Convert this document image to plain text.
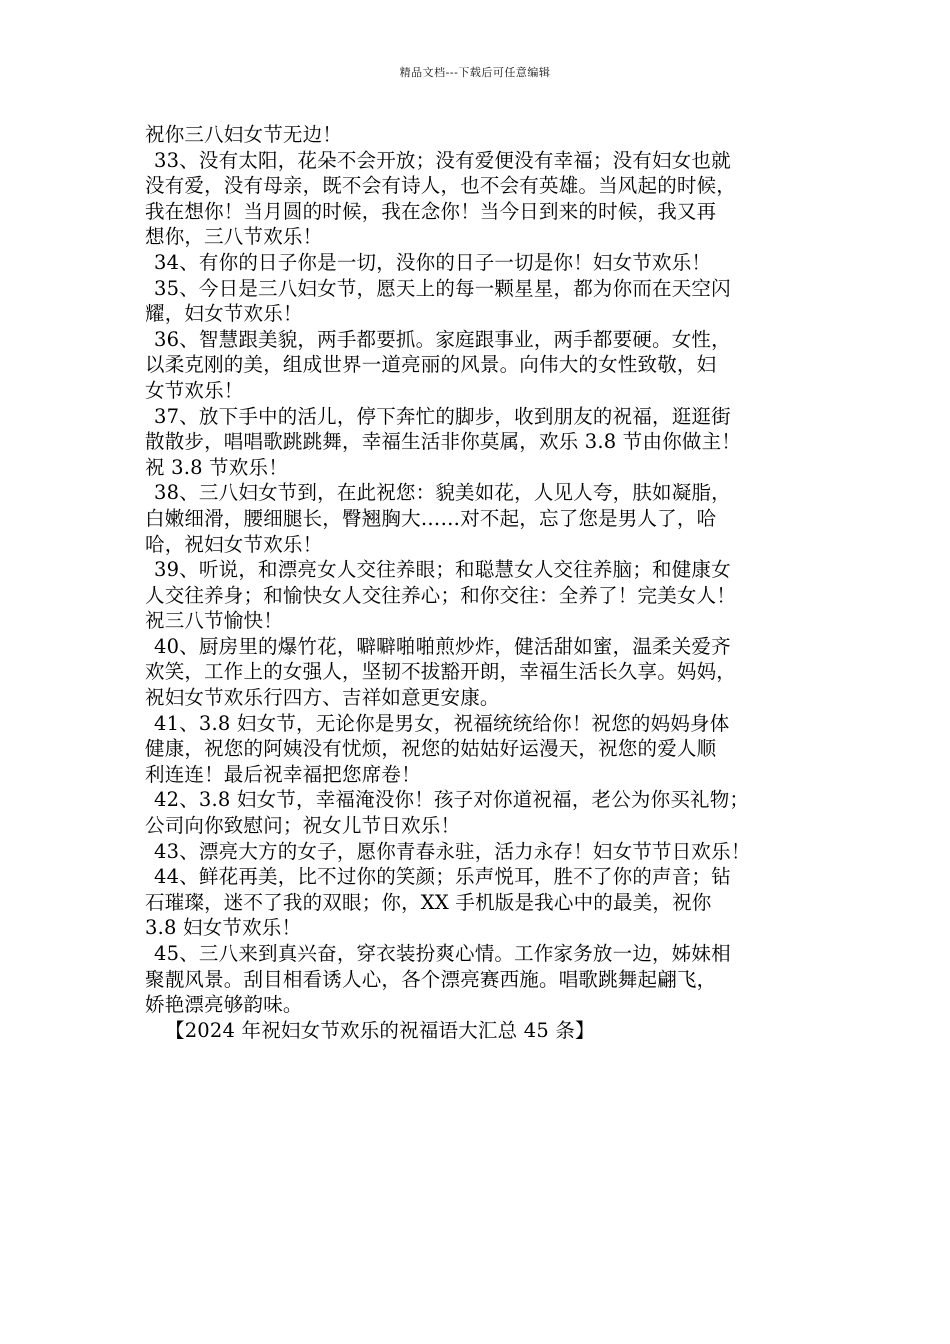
精品文档---下载后可任意编辑
祝你三八妇女节无边！
33、没有太阳，花朵不会开放；没有爱便没有幸福；没有妇女也就
没有爱，没有母亲，既不会有诗人，也不会有英雄。当风起的时候，
我在想你！当月圆的时候，我在念你！当今日到来的时候，我又再
想你，三八节欢乐！
34、有你的日子你是一切，没你的日子一切是你！妇女节欢乐！
35、今日是三八妇女节，愿天上的每一颗星星，都为你而在天空闪
耀，妇女节欢乐！
36、智慧跟美貌，两手都要抓。家庭跟事业，两手都要硬。女性，
以柔克刚的美，组成世界一道亮丽的风景。向伟大的女性致敬，妇
女节欢乐！
37、放下手中的活儿，停下奔忙的脚步，收到朋友的祝福，逛逛街
散散步，唱唱歌跳跳舞，幸福生活非你莫属，欢乐 3.8 节由你做主！
祝 3.8 节欢乐！
38、三八妇女节到，在此祝您：貌美如花，人见人夸，肤如凝脂，
白嫩细滑，腰细腿长，臀翘胸大……对不起，忘了您是男人了，哈
哈，祝妇女节欢乐！
39、听说，和漂亮女人交往养眼；和聪慧女人交往养脑；和健康女
人交往养身；和愉快女人交往养心；和你交往：全养了！完美女人！
祝三八节愉快！
40、厨房里的爆竹花，噼噼啪啪煎炒炸，健活甜如蜜，温柔关爱齐
欢笑，工作上的女强人，坚韧不拔豁开朗，幸福生活长久享。妈妈，
祝妇女节欢乐行四方、吉祥如意更安康。
41、3.8 妇女节，无论你是男女，祝福统统给你！祝您的妈妈身体
健康，祝您的阿姨没有忧烦，祝您的姑姑好运漫天，祝您的爱人顺
利连连！最后祝幸福把您席卷！
42、3.8 妇女节，幸福淹没你！孩子对你道祝福，老公为你买礼物；
公司向你致慰问；祝女儿节日欢乐！
43、漂亮大方的女子，愿你青春永驻，活力永存！妇女节节日欢乐！
44、鲜花再美，比不过你的笑颜；乐声悦耳，胜不了你的声音；钻
石璀璨，迷不了我的双眼；你，XX 手机版是我心中的最美，祝你
3.8 妇女节欢乐！
45、三八来到真兴奋，穿衣装扮爽心情。工作家务放一边，姊妹相
聚靓风景。刮目相看诱人心，各个漂亮赛西施。唱歌跳舞起翩飞，
娇艳漂亮够韵味。
【2024 年祝妇女节欢乐的祝福语大汇总 45 条】
